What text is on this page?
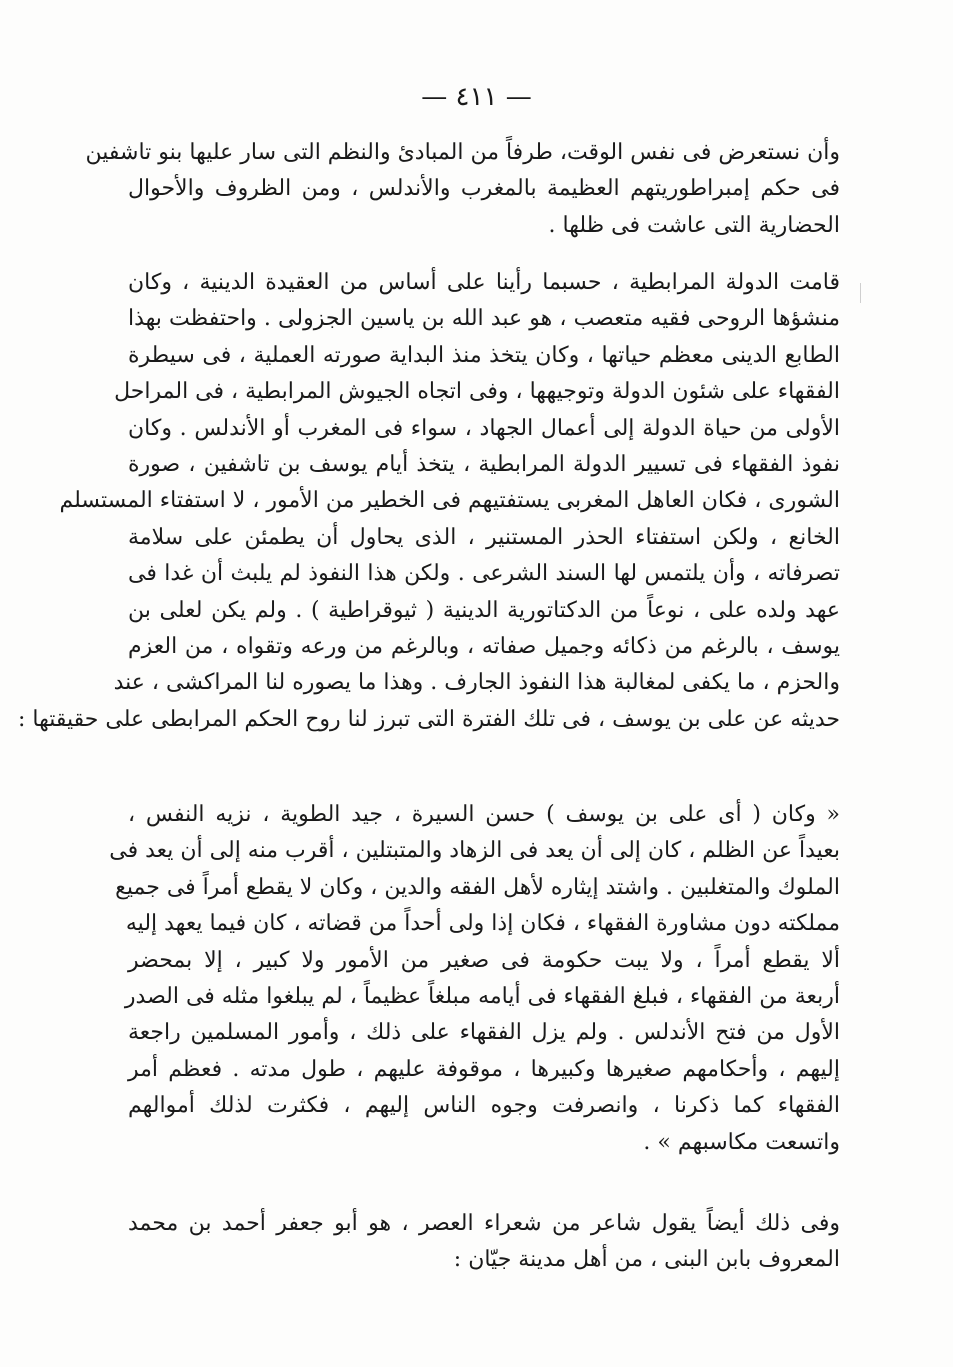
— ٤١١ —
وأن نستعرض فى نفس الوقت، طرفاً من المبادئ والنظم التى سار عليها بنو تاشفين
فى حكم إمبراطوريتهم العظيمة بالمغرب والأندلس ، ومن الظروف والأحوال
الحضارية التى عاشت فى ظلها .
قامت الدولة المرابطية ، حسبما رأينا على أساس من العقيدة الدينية ، وكان
منشؤها الروحى فقيه متعصب ، هو عبد الله بن ياسين الجزولى . واحتفظت بهذا
الطابع الدينى معظم حياتها ، وكان يتخذ منذ البداية صورته العملية ، فى سيطرة
الفقهاء على شئون الدولة وتوجيهها ، وفى اتجاه الجيوش المرابطية ، فى المراحل
الأولى من حياة الدولة إلى أعمال الجهاد ، سواء فى المغرب أو الأندلس . وكان
نفوذ الفقهاء فى تسيير الدولة المرابطية ، يتخذ أيام يوسف بن تاشفين ، صورة
الشورى ، فكان العاهل المغربى يستفتيهم فى الخطير من الأمور ، لا استفتاء المستسلم
الخانع ، ولكن استفتاء الحذر المستنير ، الذى يحاول أن يطمئن على سلامة
تصرفاته ، وأن يلتمس لها السند الشرعى . ولكن هذا النفوذ لم يلبث أن غدا فى
عهد ولده على ، نوعاً من الدكتاتورية الدينية ( ثيوقراطية ) . ولم يكن لعلى بن
يوسف ، بالرغم من ذكائه وجميل صفاته ، وبالرغم من ورعه وتقواه ، من العزم
والحزم ، ما يكفى لمغالبة هذا النفوذ الجارف . وهذا ما يصوره لنا المراكشى ، عند
حديثه عن على بن يوسف ، فى تلك الفترة التى تبرز لنا روح الحكم المرابطى على حقيقتها :
« وكان ( أى على بن يوسف ) حسن السيرة ، جيد الطوية ، نزيه النفس ،
بعيداً عن الظلم ، كان إلى أن يعد فى الزهاد والمتبتلين ، أقرب منه إلى أن يعد فى
الملوك والمتغلبين . واشتد إيثاره لأهل الفقه والدين ، وكان لا يقطع أمراً فى جميع
مملكته دون مشاورة الفقهاء ، فكان إذا ولى أحداً من قضاته ، كان فيما يعهد إليه
ألا يقطع أمراً ، ولا يبت حكومة فى صغير من الأمور ولا كبير ، إلا بمحضر
أربعة من الفقهاء ، فبلغ الفقهاء فى أيامه مبلغاً عظيماً ، لم يبلغوا مثله فى الصدر
الأول من فتح الأندلس . ولم يزل الفقهاء على ذلك ، وأمور المسلمين راجعة
إليهم ، وأحكامهم صغيرها وكبيرها ، موقوفة عليهم ، طول مدته . فعظم أمر
الفقهاء كما ذكرنا ، وانصرفت وجوه الناس إليهم ، فكثرت لذلك أموالهم
واتسعت مكاسبهم » .
وفى ذلك أيضاً يقول شاعر من شعراء العصر ، هو أبو جعفر أحمد بن محمد
المعروف بابن البنى ، من أهل مدينة جيّان :
